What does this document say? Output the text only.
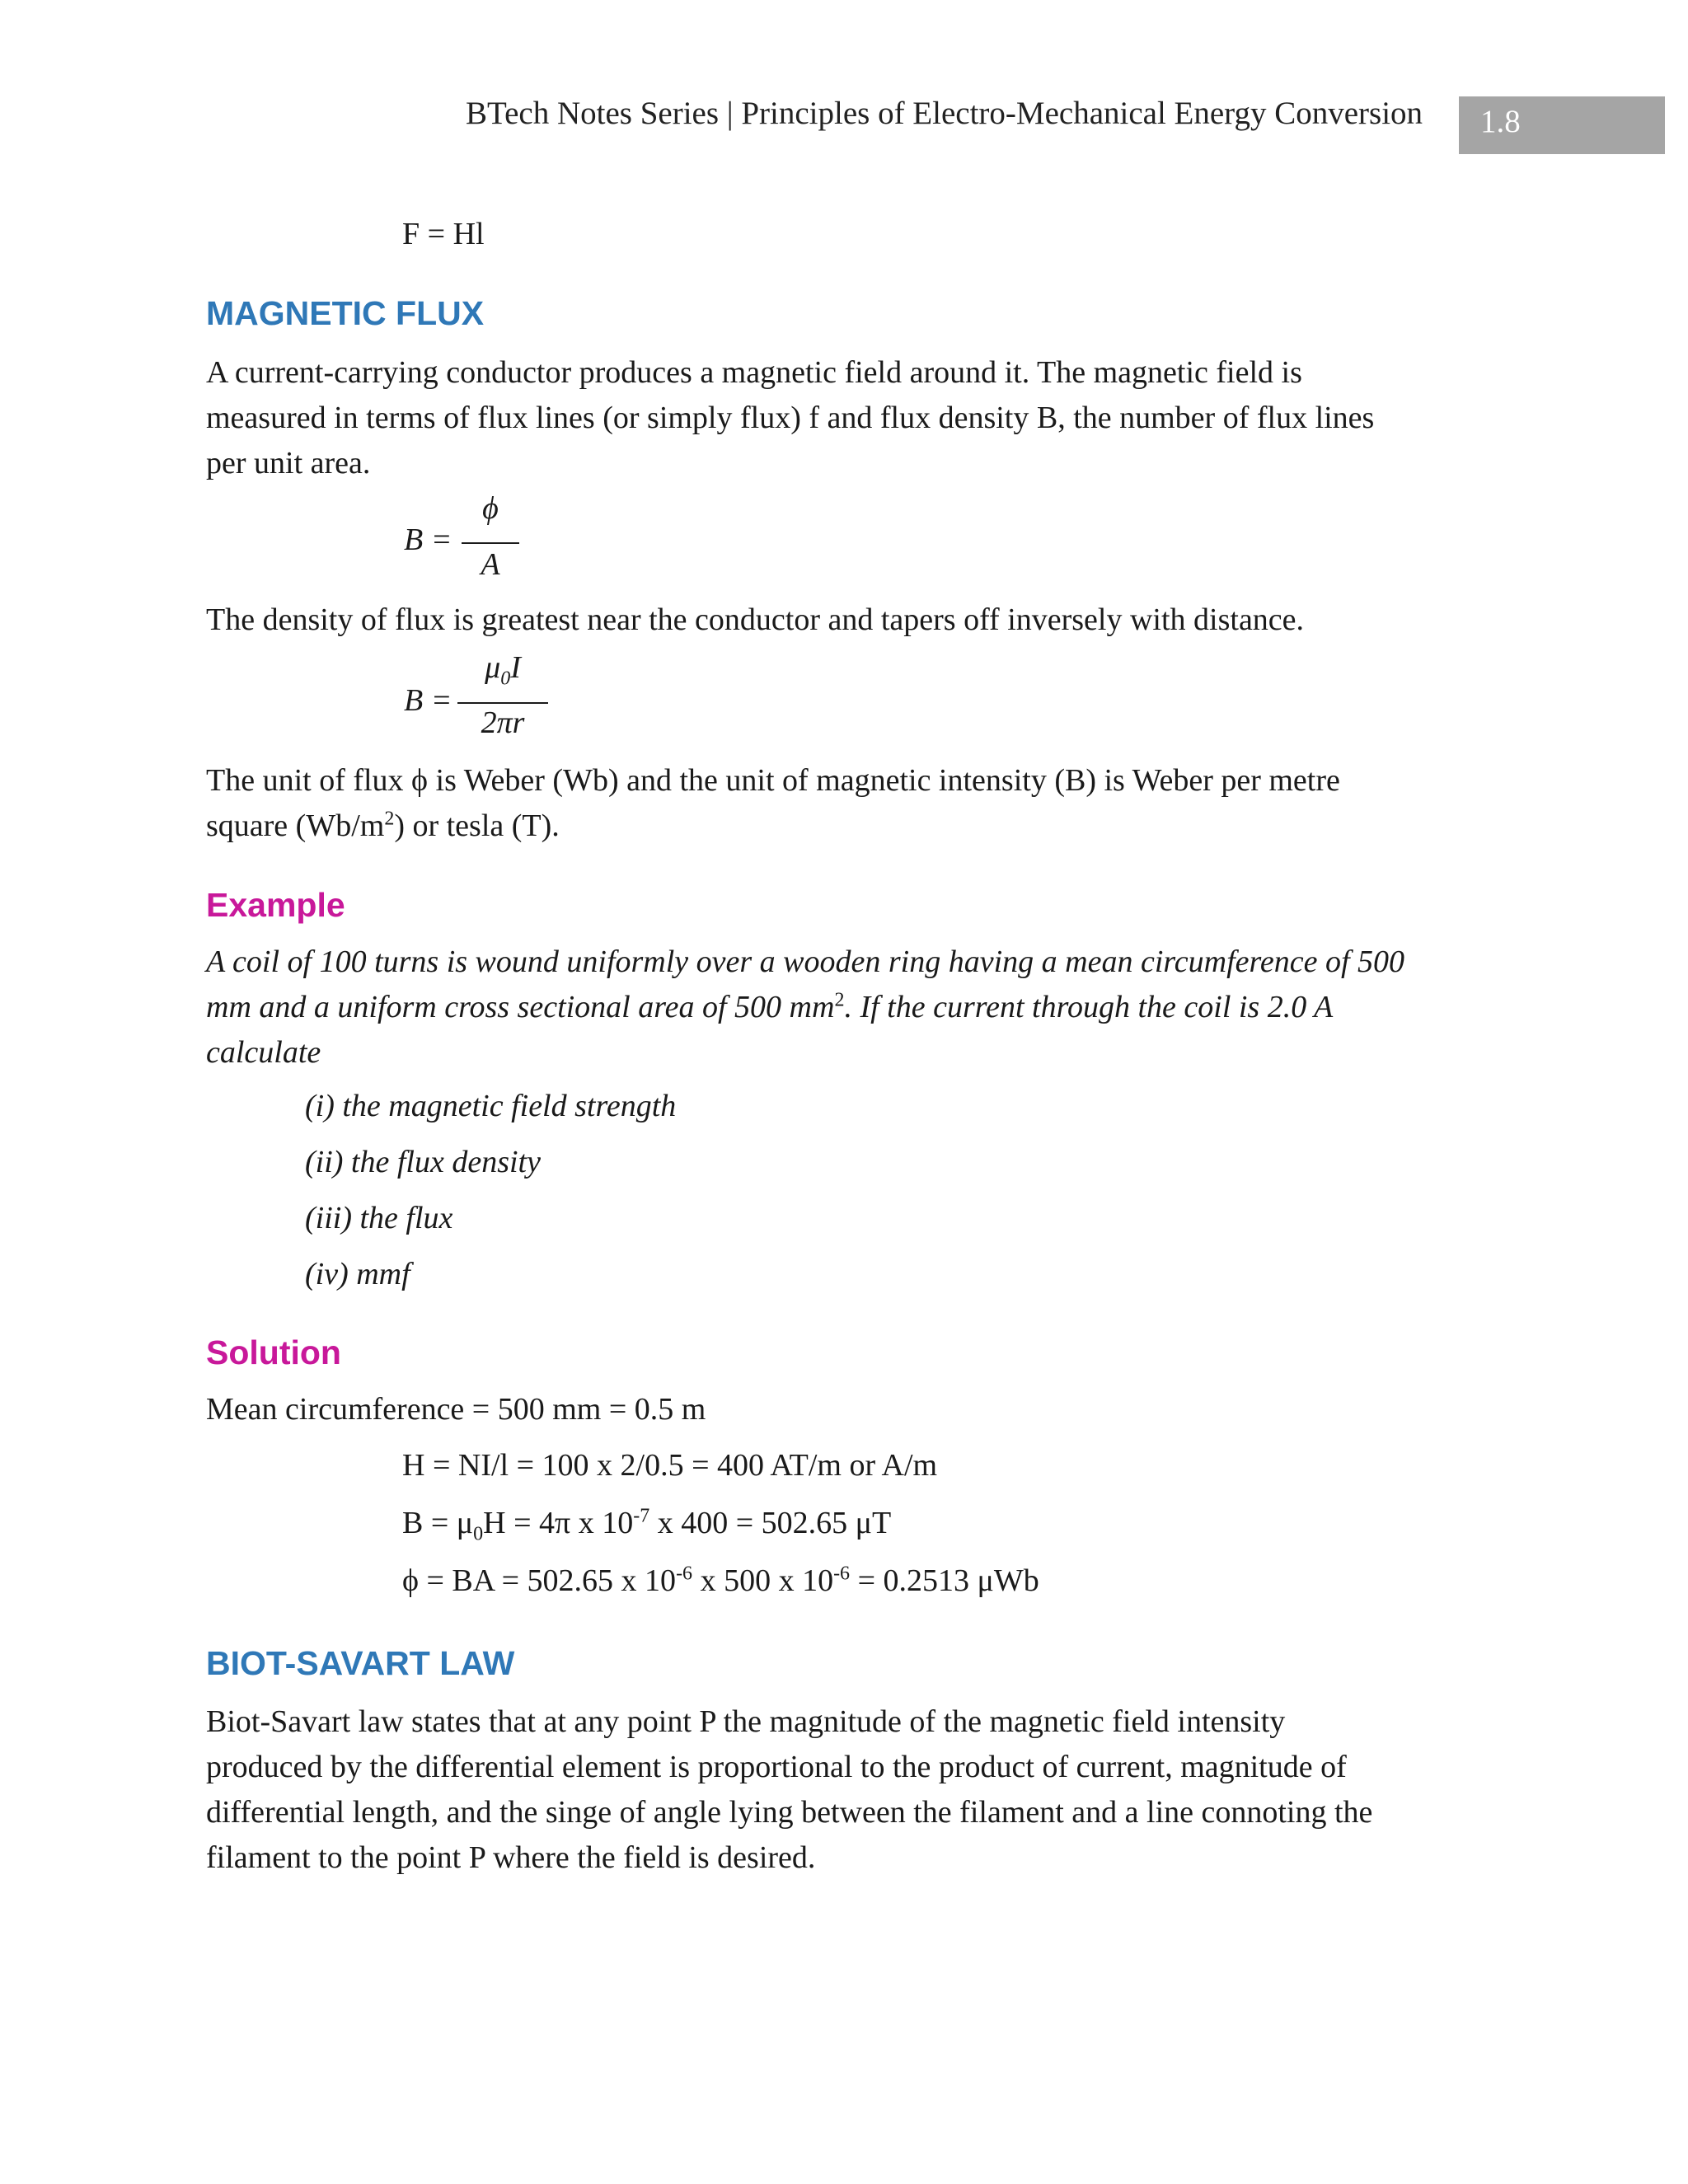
BTech Notes Series | Principles of Electro-Mechanical Energy Conversion 1.8
F = Hl
MAGNETIC FLUX
A current-carrying conductor produces a magnetic field around it. The magnetic field is
measured in terms of flux lines (or simply flux) f and flux density B, the number of flux lines
per unit area.
B =
ϕ
A
The density of flux is greatest near the conductor and tapers off inversely with distance.
B =
$\mu_0I$
2πr
The unit of flux ϕ is Weber (Wb) and the unit of magnetic intensity (B) is Weber per metre
square $(Wb/m^2)$ or tesla (T).
Example
A coil of 100 turns is wound uniformly over a wooden ring having a mean circumference of 500
mm and a uniform cross sectional area of 500 $mm^2$. If the current through the coil is 2.0 A
calculate
(i) the magnetic field strength
(ii) the flux density
(iii) the flux
(iv) mmf
Solution
Mean circumference = 500 mm = 0.5 m
H = NI/l = 100 x 2/0.5 = 400 AT/m or A/m
$B = \mu_0H = 4\pi$ x $10^{-7}$ x 400 = 502.65 μT
ϕ = BA = 502.65 x $10^{-6}$ x 500 x $10^{-6} = 0.2513$ μWb
BIOT-SAVART LAW
Biot-Savart law states that at any point P the magnitude of the magnetic field intensity
produced by the differential element is proportional to the product of current, magnitude of
differential length, and the singe of angle lying between the filament and a line connoting the
filament to the point P where the field is desired.
